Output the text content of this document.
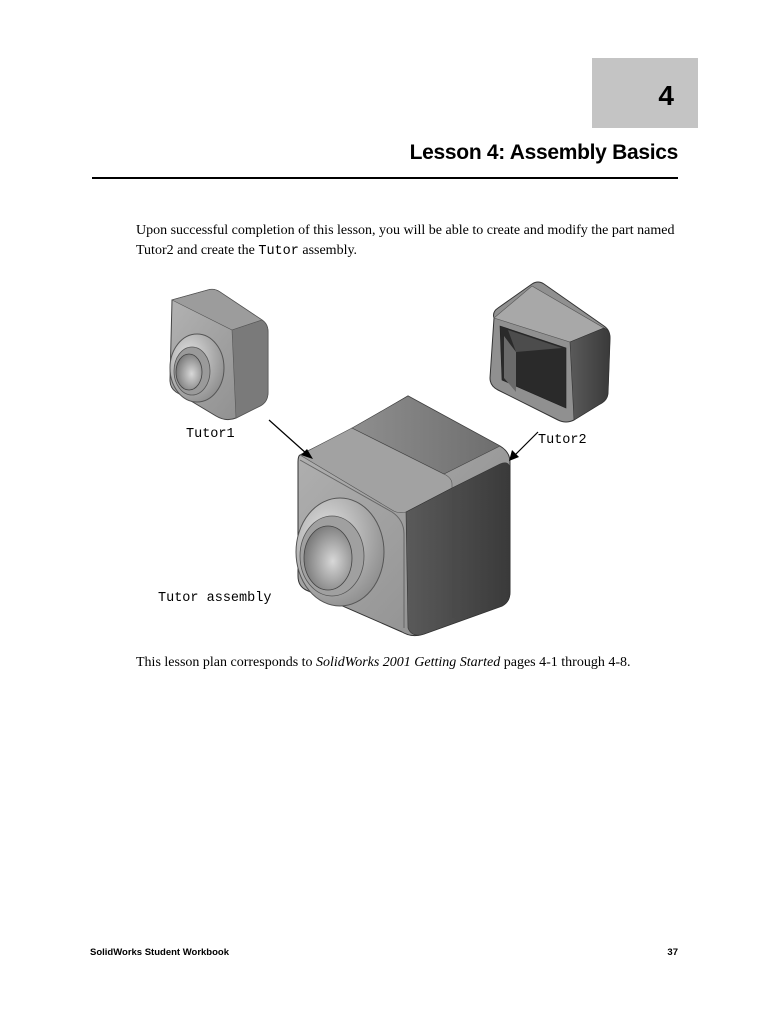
4
Lesson 4: Assembly Basics

Upon successful completion of this lesson, you will be able to create and modify the part named Tutor2 and create the Tutor assembly.

Tutor1	Tutor2
Tutor assembly

This lesson plan corresponds to SolidWorks 2001 Getting Started pages 4-1 through 4-8.

SolidWorks Student Workbook	37
